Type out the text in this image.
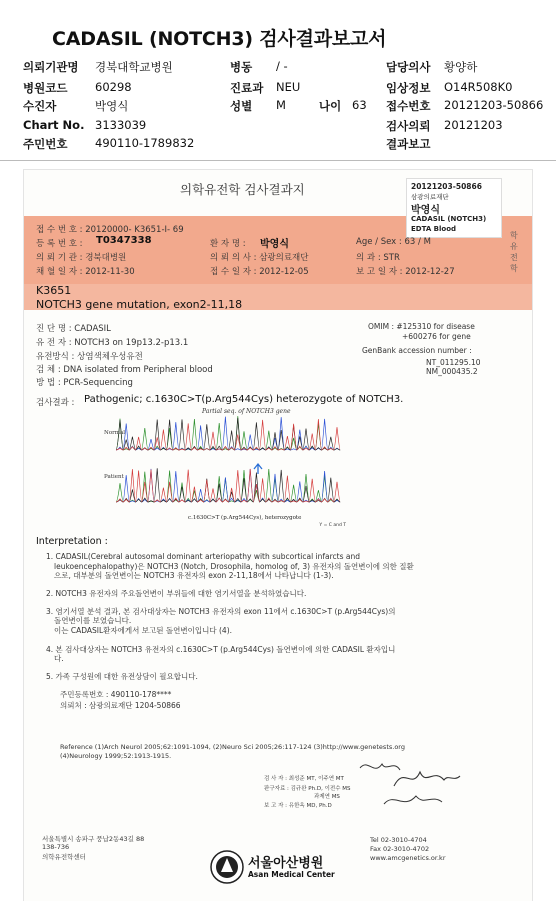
CADASIL (NOTCH3) 검사결과보고서
의뢰기관명 경북대학교병원	병동 / -	담당의사 황양하
병원코드 60298	진료과 NEU	임상정보 O14R508K0
수진자	박영식	성별 M	나이 63 접수번호 20121203-50866
Chart No. 3133039	검사의뢰 20121203
주민번호 490110-1789832	결과보고
의학유전학 검사결과지	20121203-50866
삼광의료재단
박영식
CADASIL (NOTCH3)
EDTA Blood
학 유 전 학
접 수 번 호 : 20120000- K3651-I- 69
등 록 번 호 : T0347338	환 자 명 : 박영식	Age / Sex : 63 / M
의 뢰 기 관 : 경북대병원	의 뢰 의 사 : 삼광의료재단	의 과 : STR
채 혈 일 자 : 2012-11-30	접 수 일 자 : 2012-12-05	보 고 일 자 : 2012-12-27
K3651
NOTCH3 gene mutation, exon2-11,18
진 단 명 : CADASIL
유 전 자 : NOTCH3 on 19p13.2-p13.1
유전방식 : 상염색체우성유전
검 체 : DNA isolated from Peripheral blood
방 법 : PCR-Sequencing
OMIM : #125310 for disease
+600276 for gene
GenBank accession number :
NT_011295.10
NM_000435.2
검사결과 : Pathogenic; c.1630C>T(p.Arg544Cys) heterozygote of NOTCH3.
Partial seq. of NOTCH3 gene
Normal
Patient
c.1630C>T (p.Arg544Cys), heterozygote
Y = C and T
Interpretation :
1. CADASIL(Cerebral autosomal dominant arteriopathy with subcortical infarcts and
leukoencephalopathy)은 NOTCH3 (Notch, Drosophila, homolog of, 3) 유전자의 돌연변이에 의한 질환
으로, 대부분의 돌연변이는 NOTCH3 유전자의 exon 2-11,18에서 나타납니다 (1-3).
2. NOTCH3 유전자의 주요돌연변이 부위들에 대한 염기서열을 분석하였습니다.
3. 염기서열 분석 결과, 본 검사대상자는 NOTCH3 유전자의 exon 11에서 c.1630C>T (p.Arg544Cys)의
돌연변이를 보였습니다.
이는 CADASIL환자에게서 보고된 돌연변이입니다 (4).
4. 본 검사대상자는 NOTCH3 유전자의 c.1630C>T (p.Arg544Cys) 돌연변이에 의한 CADASIL 환자입니
다.
5. 가족 구성원에 대한 유전상담이 필요합니다.
주민등록번호 : 490110-178****
의뢰처 : 삼광의료재단 1204-50866
Reference (1)Arch Neurol 2005;62:1091-1094, (2)Neuro Sci 2005;26:117-124 (3)http://www.genetests.org
(4)Neurology 1999;52:1913-1915.
검 사 자 : 최성준 MT, 이주연 MT
판구자료 : 김규완 Ph.D, 이전수 MS
과제연 MS
보 고 자 : 유한옥 MD, Ph.D
서울특별시 송파구 풍납2동43길 88
138-736
의학유전학센터	서울아산병원
Asan Medical Center
Tel 02-3010-4704
Fax 02-3010-4702
www.amcgenetics.or.kr
